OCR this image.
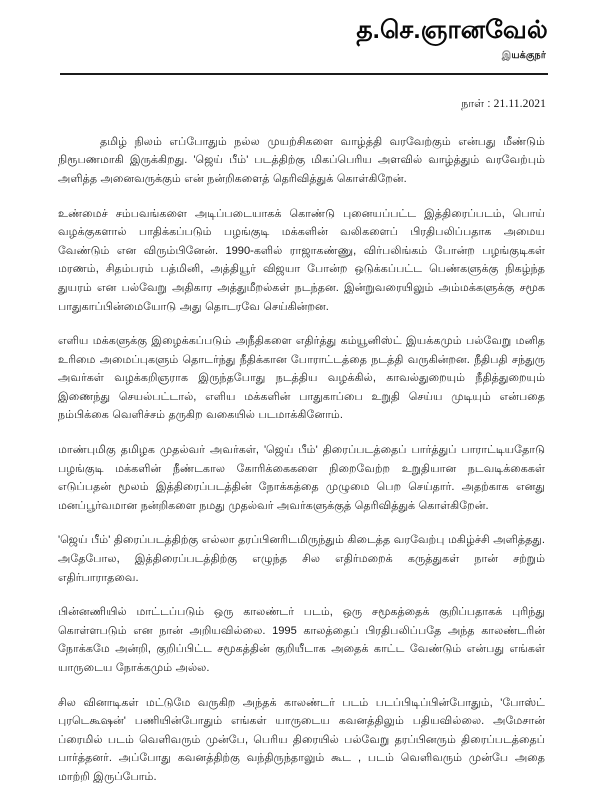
த.செ.ஞானவேல்
இயக்குநர்
நாள் : 21.11.2021

தமிழ் நிலம் எப்போதும் நல்ல முயற்சிகளை வாழ்த்தி வரவேற்கும் என்பது மீண்டும் நிரூபணமாகி இருக்கிறது. 'ஜெய் பீம்' படத்திற்கு மிகப்பெரிய அளவில் வாழ்த்தும் வரவேற்பும் அளித்த அனைவருக்கும் என் நன்றிகளைத் தெரிவித்துக் கொள்கிறேன்.

உண்மைச் சம்பவங்களை அடிப்படையாகக் கொண்டு புனையப்பட்ட இத்திரைப்படம், பொய் வழக்குகளால் பாதிக்கப்படும் பழங்குடி மக்களின் வலிகளைப் பிரதிபலிப்பதாக அமைய வேண்டும் என விரும்பினேன். 1990-களில் ராஜாகண்ணு, விர்பலிங்கம் போன்ற பழங்குடிகள் மரணம், சிதம்பரம் பத்மினி, அத்தியூர் விஜயா போன்ற ஒடுக்கப்பட்ட பெண்களுக்கு நிகழ்ந்த துயரம் என பல்வேறு அதிகார அத்துமீறல்கள் நடந்தன. இன்றுவரையிலும் அம்மக்களுக்கு சமூக பாதுகாப்பின்மையோடு அது தொடரவே செய்கின்றன.

எளிய மக்களுக்கு இழைக்கப்படும் அநீதிகளை எதிர்த்து கம்யூனிஸ்ட் இயக்கமும் பல்வேறு மனித உரிமை அமைப்புகளும் தொடர்ந்து நீதிக்கான போராட்டத்தை நடத்தி வருகின்றன. நீதிபதி சந்துரு அவர்கள் வழக்கறிஞராக இருந்தபோது நடத்திய வழக்கில், காவல்துறையும் நீதித்துறையும் இணைந்து செயல்பட்டால், எளிய மக்களின் பாதுகாப்பை உறுதி செய்ய முடியும் என்பதை நம்பிக்கை வெளிச்சம் தருகிற வகையில் படமாக்கினோம்.

மாண்புமிகு தமிழக முதல்வர் அவர்கள், 'ஜெய் பீம்' திரைப்படத்தைப் பார்த்துப் பாராட்டியதோடு பழங்குடி மக்களின் நீண்டகால கோரிக்கைகளை நிறைவேற்ற உறுதியான நடவடிக்கைகள் எடுப்பதன் மூலம் இத்திரைப்படத்தின் நோக்கத்தை முழுமை பெற செய்தார். அதற்காக எனது மனப்பூர்வமான நன்றிகளை நமது முதல்வர் அவர்களுக்குத் தெரிவித்துக் கொள்கிறேன்.

'ஜெய் பீம்' திரைப்படத்திற்கு எல்லா தரப்பினரிடமிருந்தும் கிடைத்த வரவேற்பு மகிழ்ச்சி அளித்தது. அதேபோல, இத்திரைப்படத்திற்கு எழுந்த சில எதிர்மறைக் கருத்துகள் நான் சற்றும் எதிர்பாராதவை.

பின்னணியில் மாட்டப்படும் ஒரு காலண்டர் படம், ஒரு சமூகத்தைக் குறிப்பதாகக் புரிந்து கொள்ளபடும் என நான் அறியவில்லை. 1995 காலத்தைப் பிரதிபலிப்பதே அந்த காலண்டரின் நோக்கமே அன்றி, குறிப்பிட்ட சமூகத்தின் குறியீடாக அதைக் காட்ட வேண்டும் என்பது எங்கள் யாருடைய நோக்கமும் அல்ல.

சில வினாடிகள் மட்டுமே வருகிற அந்தக் காலண்டர் படம் படப்பிடிப்பின்போதும், 'போஸ்ட் புரடெகூஷன்' பணியின்போதும் எங்கள் யாருடைய கவனத்திலும் பதியவில்லை. அமேசான் ப்ரைமில் படம் வெளிவரும் முன்பே, பெரிய திரையில் பல்வேறு தரப்பினரும் திரைப்படத்தைப் பார்த்தனர். அப்போது கவனத்திற்கு வந்திருந்தாலும் கூட , படம் வெளிவரும் முன்பே அதை மாற்றி இருப்போம்.
